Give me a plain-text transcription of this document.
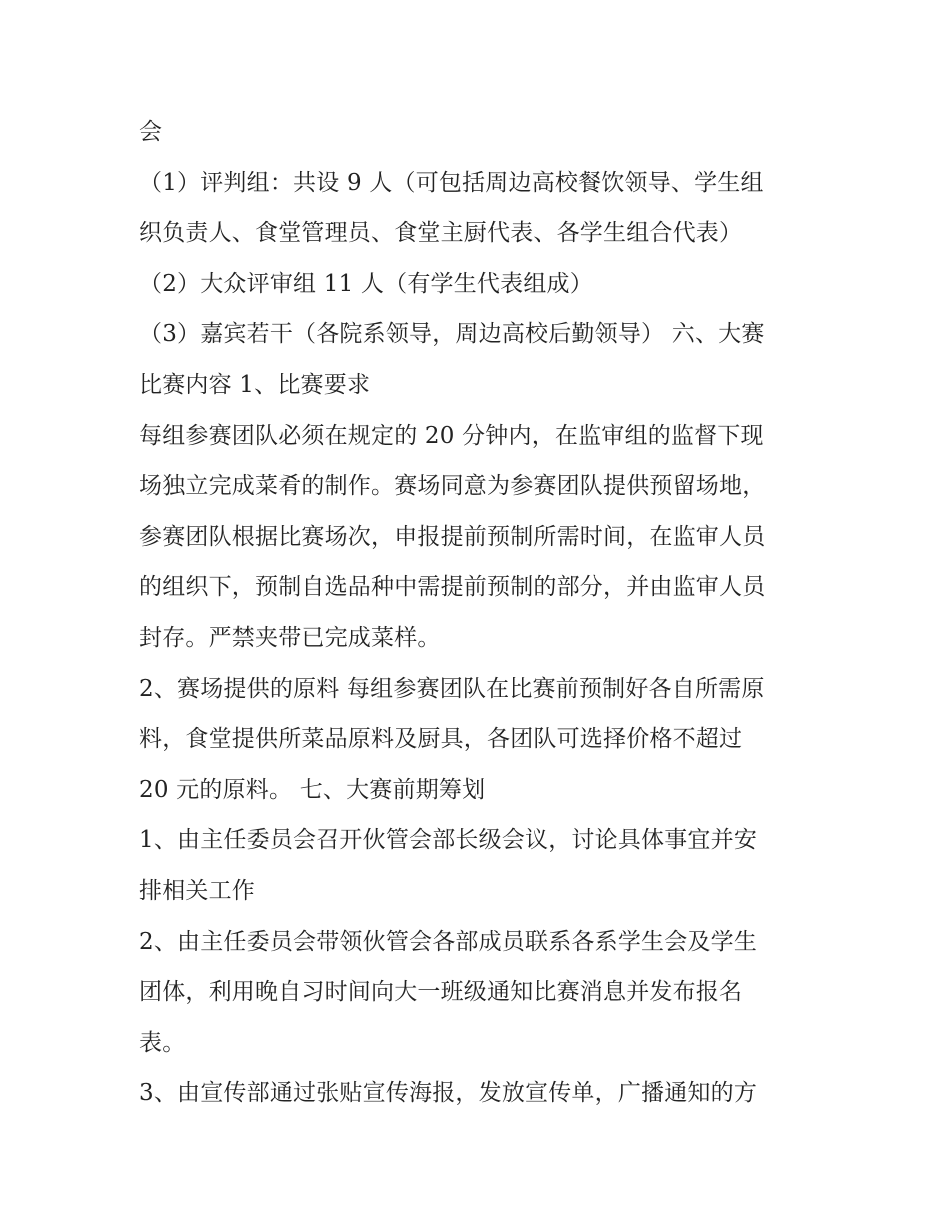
会
（1）评判组：共设 9 人（可包括周边高校餐饮领导、学生组
织负责人、食堂管理员、食堂主厨代表、各学生组合代表）
（2）大众评审组 11 人（有学生代表组成）
（3）嘉宾若干（各院系领导，周边高校后勤领导） 六、大赛
比赛内容 1、比赛要求
每组参赛团队必须在规定的 20 分钟内，在监审组的监督下现
场独立完成菜肴的制作。赛场同意为参赛团队提供预留场地，
参赛团队根据比赛场次，申报提前预制所需时间，在监审人员
的组织下，预制自选品种中需提前预制的部分，并由监审人员
封存。严禁夹带已完成菜样。
2、赛场提供的原料 每组参赛团队在比赛前预制好各自所需原
料，食堂提供所菜品原料及厨具，各团队可选择价格不超过
20 元的原料。 七、大赛前期筹划
1、由主任委员会召开伙管会部长级会议，讨论具体事宜并安
排相关工作
2、由主任委员会带领伙管会各部成员联系各系学生会及学生
团体，利用晚自习时间向大一班级通知比赛消息并发布报名
表。
3、由宣传部通过张贴宣传海报，发放宣传单，广播通知的方
